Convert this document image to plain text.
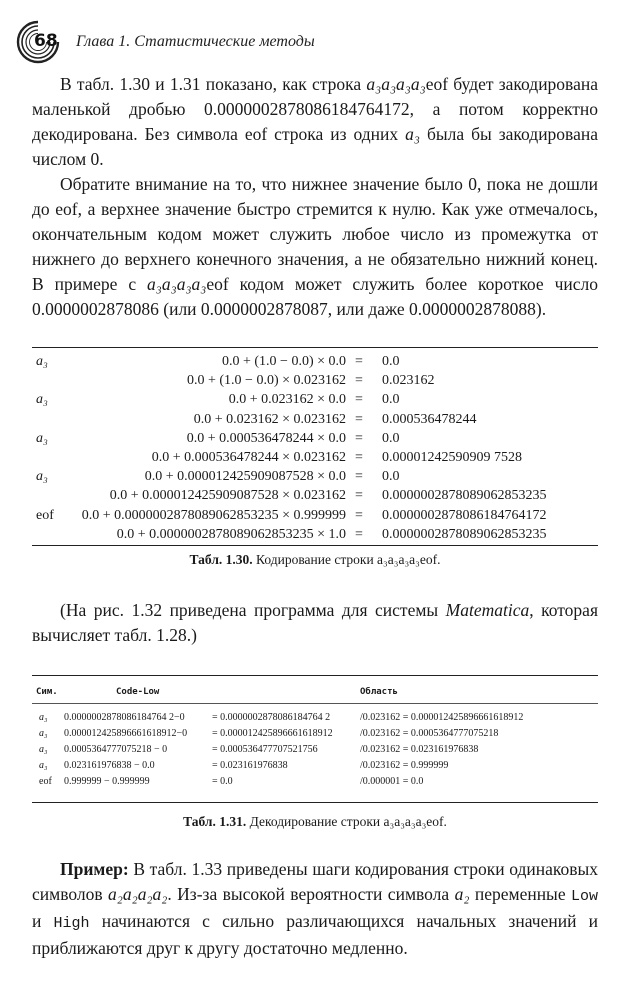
68 Глава 1. Статистические методы

В табл. 1.30 и 1.31 показано, как строка a₃a₃a₃a₃eof будет закодирована маленькой дробью 0.0000002878086184764172, а потом корректно декодирована. Без символа eof строка из одних a₃ была бы закодирована числом 0.

Обратите внимание на то, что нижнее значение было 0, пока не дошли до eof, а верхнее значение быстро стремится к нулю. Как уже отмечалось, окончательным кодом может служить любое число из промежутка от нижнего до верхнего конечного значения, а не обязательно нижний конец. В примере с a₃a₃a₃a₃eof кодом может служить более короткое число 0.0000002878086 (или 0.0000002878087, или даже 0.0000002878088).

a₃	0.0 + (1.0 − 0.0) × 0.0 = 0.0
0.0 + (1.0 − 0.0) × 0.023162 = 0.023162
a₃	0.0 + 0.023162 × 0.0 = 0.0
0.0 + 0.023162 × 0.023162 = 0.000536478244
a₃	0.0 + 0.000536478244 × 0.0 = 0.0
0.0 + 0.000536478244 × 0.023162 = 0.00001242590909 7528
a₃	0.0 + 0.000012425909087528 × 0.0 = 0.0
0.0 + 0.000012425909087528 × 0.023162 = 0.0000002878089062853235
eof 0.0 + 0.0000002878089062853235 × 0.999999 = 0.0000002878086184764172
0.0 + 0.0000002878089062853235 × 1.0 = 0.0000002878089062853235
Табл. 1.30. Кодирование строки a₃a₃a₃a₃eof.

(На рис. 1.32 приведена программа для системы Matematica, которая вычисляет табл. 1.28.)

Сим.	Code-Low	Область
a₃ 0.0000002878086184764 2−0	= 0.0000002878086184764 2	/0.023162 = 0.000012425896661618912
a₃ 0.000012425896661618912−0 = 0.000012425896661618912	/0.023162 = 0.0005364777075218
a₃ 0.0005364777075218 − 0	= 0.000536477707521756	/0.023162 = 0.023161976838
a₃ 0.023161976838 − 0.0	= 0.023161976838	/0.023162 = 0.999999
eof 0.999999 − 0.999999	= 0.0	/0.000001 = 0.0
Табл. 1.31. Декодирование строки a₃a₃a₃a₃eof.

Пример: В табл. 1.33 приведены шаги кодирования строки одинаковых символов a₂a₂a₂a₂. Из-за высокой вероятности символа a₂ переменные Low и High начинаются с сильно различающихся начальных значений и приближаются друг к другу достаточно медленно.
